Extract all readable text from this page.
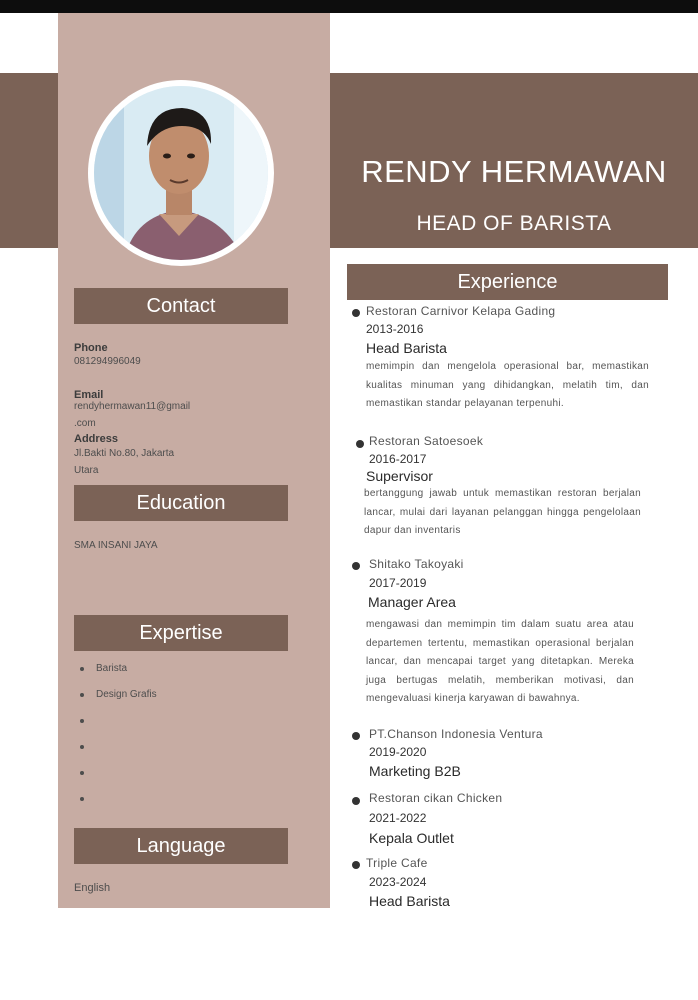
RENDY HERMAWAN
HEAD OF BARISTA
Contact
Phone
081294996049
Email
rendyhermawan11@gmail
.com
Address
Jl.Bakti No.80, Jakarta
Utara
Education
SMA INSANI JAYA
Expertise
Barista
Design Grafis
Language
English
Experience
Restoran Carnivor Kelapa Gading
2013-2016
Head Barista
memimpin dan mengelola operasional bar, memastikan kualitas minuman yang dihidangkan, melatih tim, dan memastikan standar pelayanan terpenuhi.
Restoran Satoesoek
2016-2017
Supervisor
bertanggung jawab untuk memastikan restoran berjalan lancar, mulai dari layanan pelanggan hingga pengelolaan dapur dan inventaris
Shitako Takoyaki
2017-2019
Manager Area
mengawasi dan memimpin tim dalam suatu area atau departemen tertentu, memastikan operasional berjalan lancar, dan mencapai target yang ditetapkan. Mereka juga bertugas melatih, memberikan motivasi, dan mengevaluasi kinerja karyawan di bawahnya.
PT.Chanson Indonesia Ventura
2019-2020
Marketing B2B
Restoran cikan Chicken
2021-2022
Kepala Outlet
Triple Cafe
2023-2024
Head Barista
